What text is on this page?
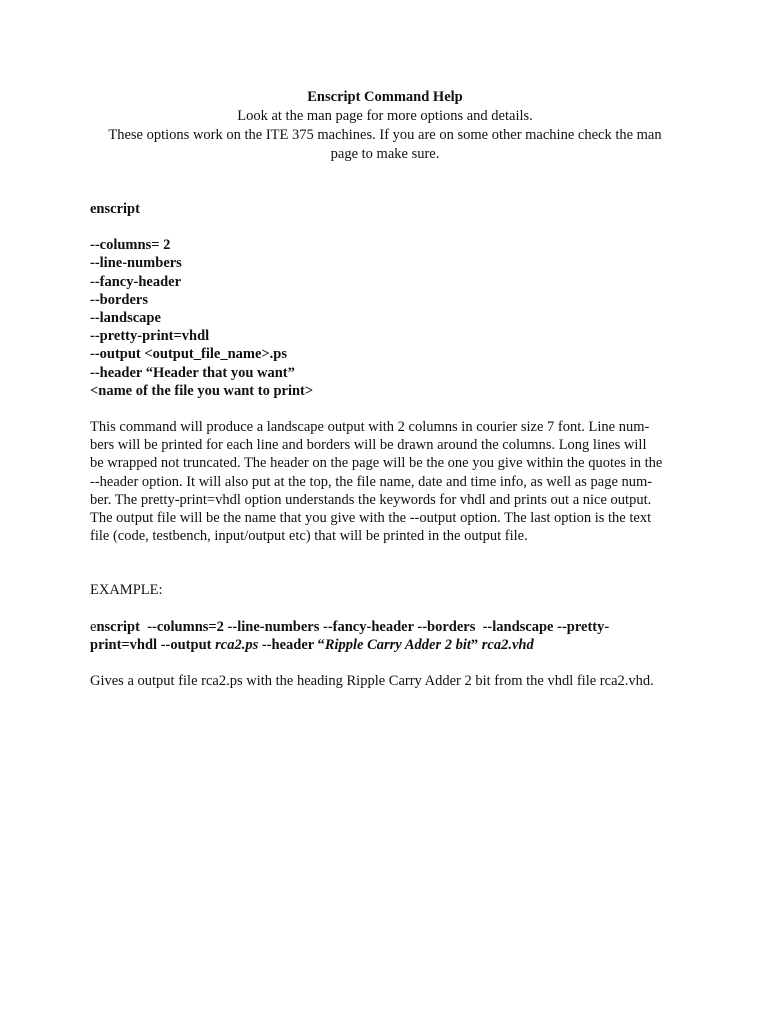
Enscript Command Help
Look at the man page for more options and details.
These options work on the ITE 375 machines. If you are on some other machine check the man
page to make sure.
enscript
--columns= 2
--line-numbers
--fancy-header
--borders
--landscape
--pretty-print=vhdl
--output <output_file_name>.ps
--header “Header that you want”
<name of the file you want to print>
This command will produce a landscape output with 2 columns in courier size 7 font. Line num-
bers will be printed for each line and borders will be drawn around the columns. Long lines will
be wrapped not truncated. The header on the page will be the one you give within the quotes in the
--header option. It will also put at the top, the file name, date and time info, as well as page num-
ber. The pretty-print=vhdl option understands the keywords for vhdl and prints out a nice output.
The output file will be the name that you give with the --output option. The last option is the text
file (code, testbench, input/output etc) that will be printed in the output file.
EXAMPLE:
enscript  --columns=2 --line-numbers --fancy-header --borders  --landscape --pretty-
print=vhdl --output rca2.ps --header “Ripple Carry Adder 2 bit” rca2.vhd
Gives a output file rca2.ps with the heading Ripple Carry Adder 2 bit from the vhdl file rca2.vhd.
